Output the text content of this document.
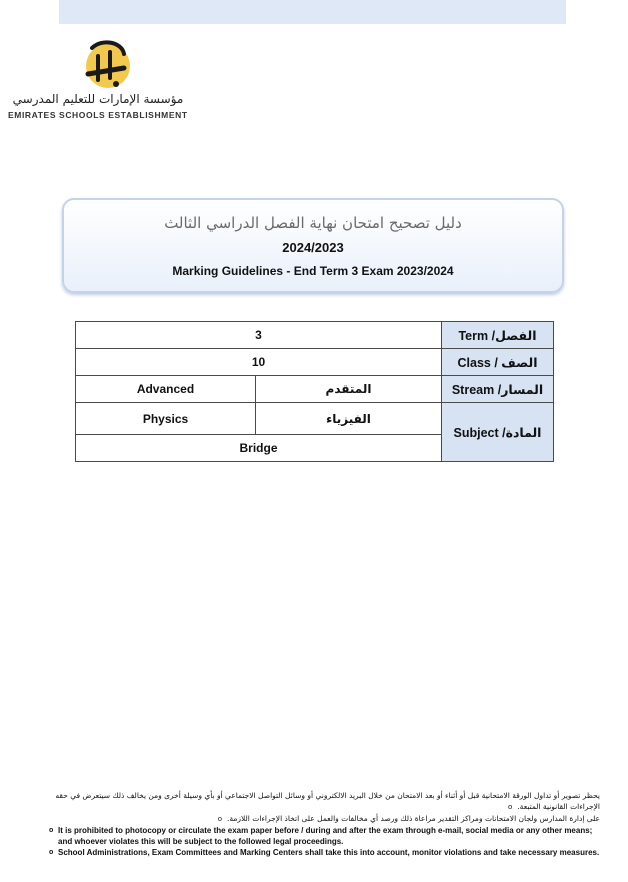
مؤسسة الإمارات للتعليم المدرسي
EMIRATES SCHOOLS ESTABLISHMENT
دليل تصحيح امتحان نهاية الفصل الدراسي الثالث
2024/2023
Marking Guidelines - End Term 3 Exam 2023/2024
3		Term /الفصل
10		Class / الصف
Advanced	المتقدم	Stream /المسار
Physics	الفيزياء	Subject /المادة
Bridge		
يحظر تصوير أو تداول الورقة الامتحانية قبل أو أثناء أو بعد الامتحان من خلال البريد الالكتروني أو وسائل التواصل الاجتماعي أو بأي وسيلة أخرى ومن يخالف ذلك سيتعرض في حقه الإجراءات القانونية المتبعة.o
على إدارة المدارس ولجان الامتحانات ومراكز التقدير مراعاة ذلك ورصد أي مخالفات والعمل على اتخاذ الإجراءات اللازمة.o
o It is prohibited to photocopy or circulate the exam paper before / during and after the exam through e-mail, social media or any other means; and whoever violates this will be subject to the followed legal proceedings.
o School Administrations, Exam Committees and Marking Centers shall take this into account, monitor violations and take necessary measures.
